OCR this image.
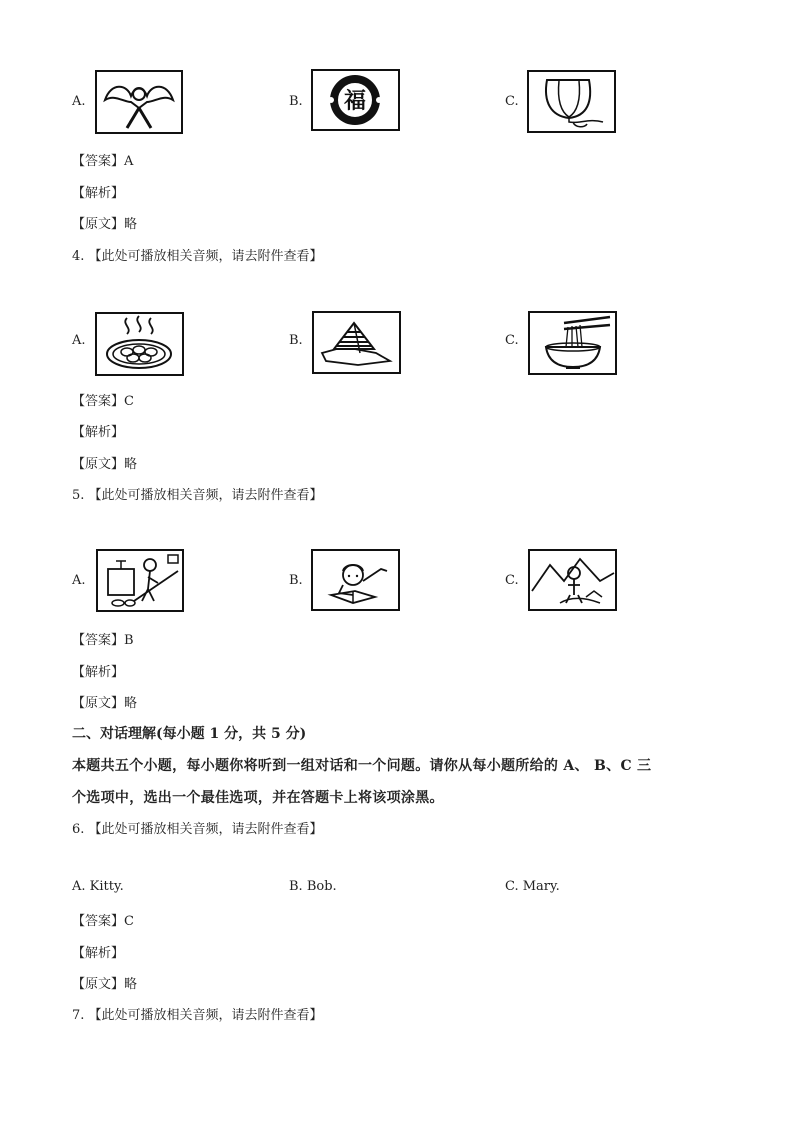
A.	B. 福	C.
【答案】A
【解析】
【原文】略
4. 【此处可播放相关音频，请去附件查看】
A.	B.	C.
【答案】C
【解析】
【原文】略
5. 【此处可播放相关音频，请去附件查看】
A.	B.	C.
【答案】B
【解析】
【原文】略
二、对话理解(每小题 1 分，共 5 分)
本题共五个小题，每小题你将听到一组对话和一个问题。请你从每小题所给的 A、 B、C 三
个选项中，选出一个最佳选项，并在答题卡上将该项涂黑。
6. 【此处可播放相关音频，请去附件查看】
A. Kitty.	B. Bob.	C. Mary.
【答案】C
【解析】
【原文】略
7. 【此处可播放相关音频，请去附件查看】
